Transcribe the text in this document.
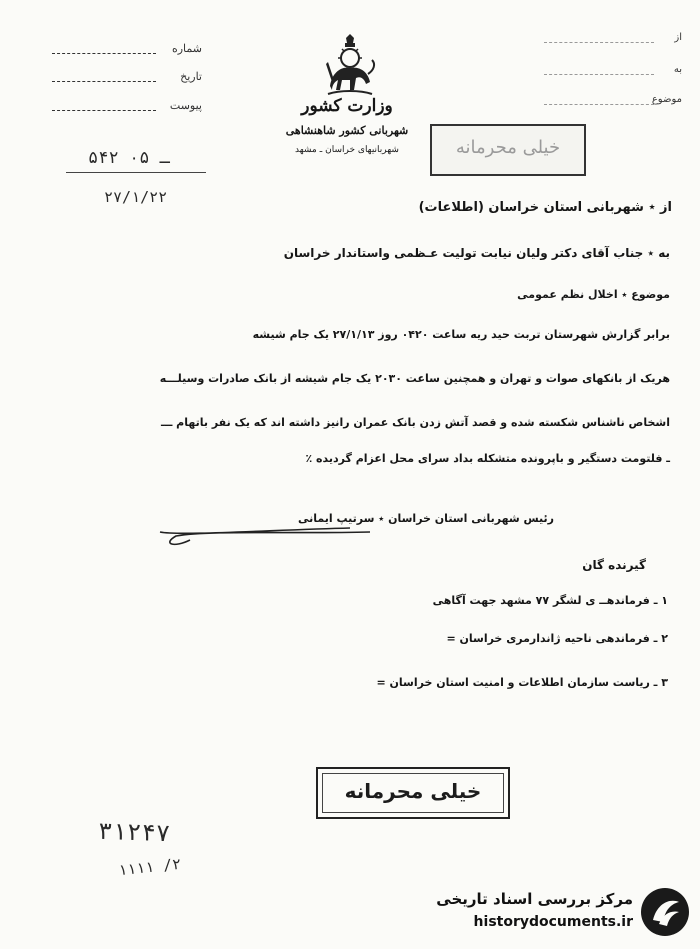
شماره
تاریخ
پیوست
۵۴۲ ـ ۰۵
۲۷/۱/۲۲
وزارت کشور
شهربانی کشور شاهنشاهی
شهربانیهای خراسان ـ مشهد
از
به
موضوع
خیلی محرمانه
از ٭ شهربانی استان خراسان (اطلاعات)
به ٭ جناب آقای دکتر ولیان نیابت تولیت عـظمی واستاندار خراسان
موضوع ٭ اخلال نظم عمومی
برابر گزارش شهرستان تربت حید ریه ساعت ۰۴۲۰ روز ۲۷/۱/۱۳ یک جام شیشه
هریک از بانکهای صوات و تهران و همچنین ساعت ۲۰۳۰ یک جام شیشه از بانک صادرات وسیلـــه
اشخاص ناشناس شکسته شده و قصد آتش زدن بانک عمران رانیز داشته اند که یک نفر باتهام ـــ
ـ فلتومت دستگیر و باپرونده متشکله بداد سرای محل اعزام گردیده ٪
رئیس شهربانی استان خراسان ٭ سرتیپ ایمانی
گیرنده گان
۱ ـ فرماندهــ ی لشگر ۷۷ مشهد جهت آگاهی
۲ ـ فرماندهی ناحیه ژاندارمری خراسان =
۳ ـ ریاست سازمان اطلاعات و امنیت استان خراسان =
خیلی محرمانه
۳۱۲۴۷
۱۱۱۱ /۲
مرکز بررسی اسناد تاریخی
historydocuments.ir
